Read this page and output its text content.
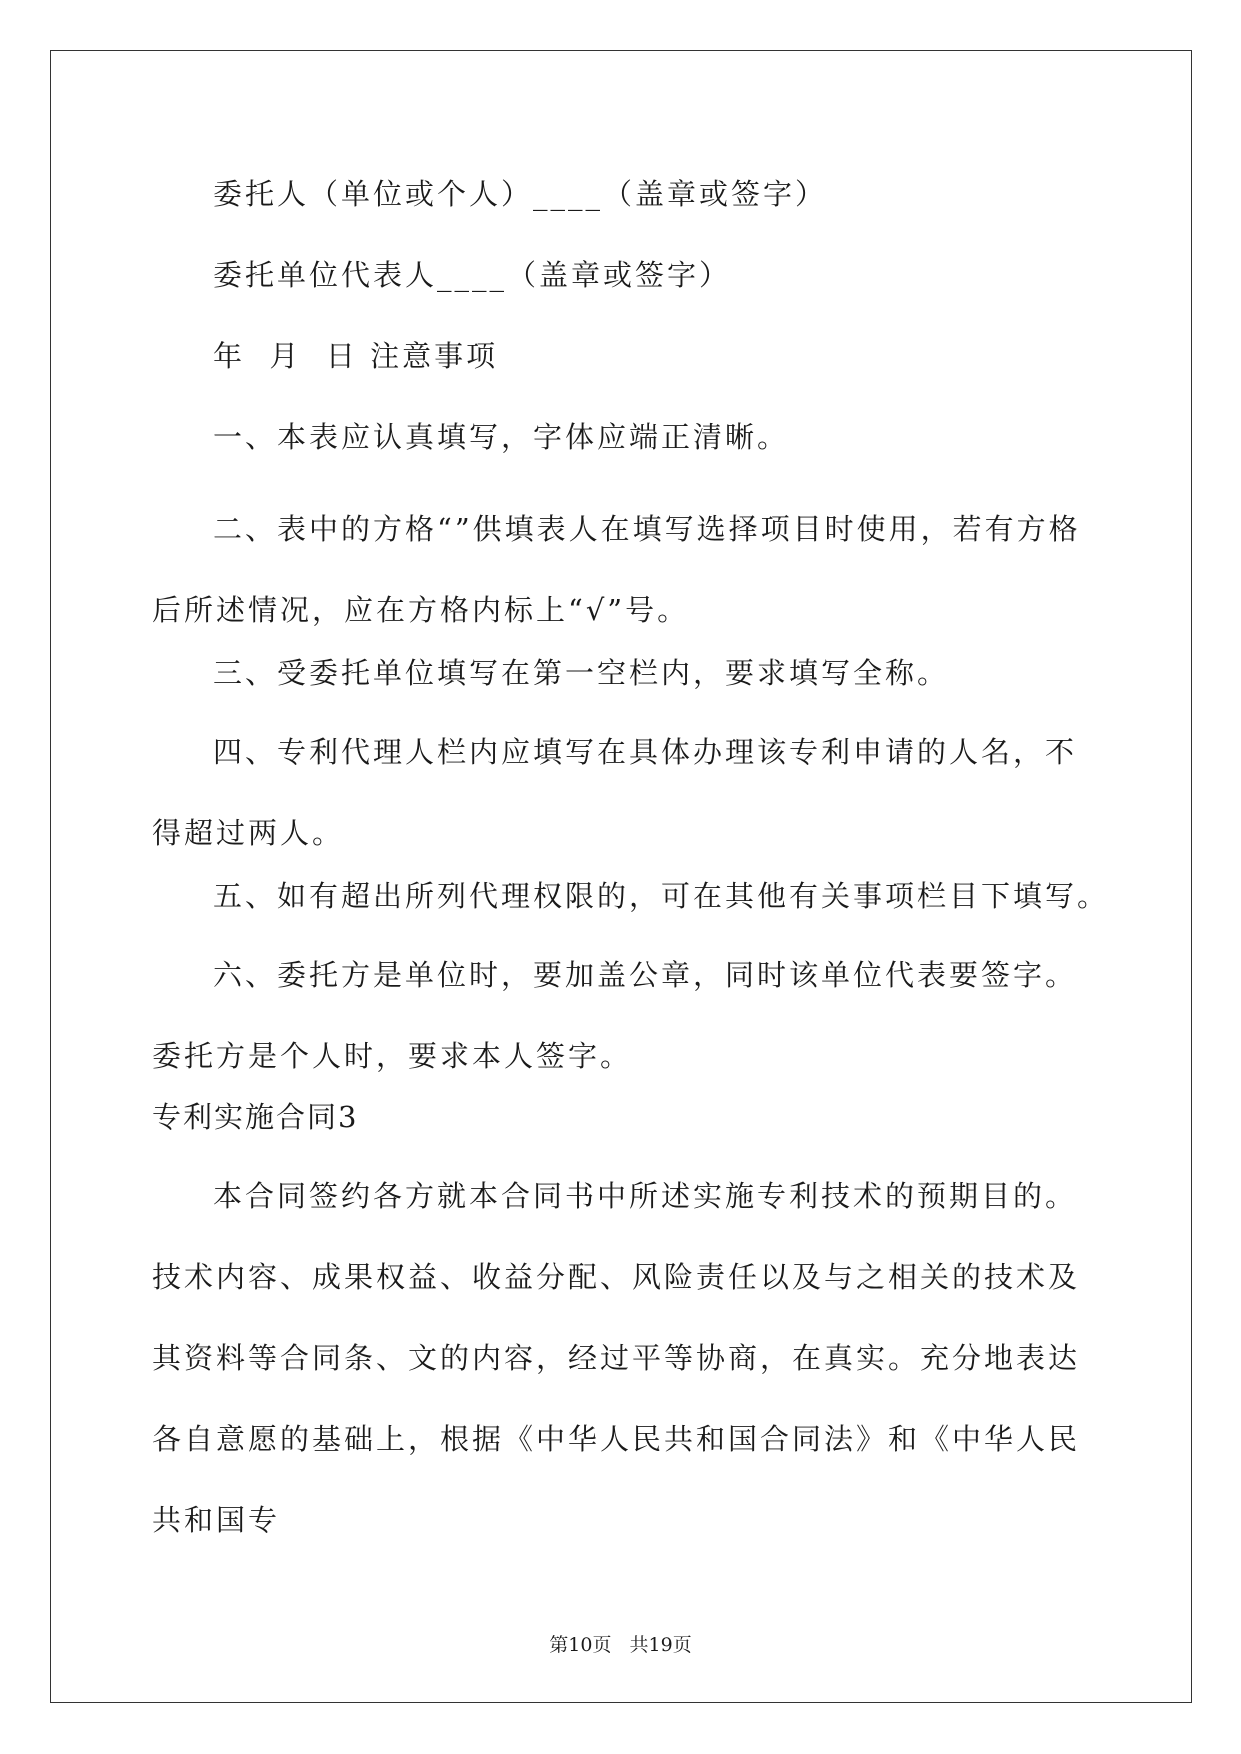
委托人（单位或个人）____（盖章或签字）

委托单位代表人____（盖章或签字）

年  月  日 注意事项

一、本表应认真填写，字体应端正清晰。

二、表中的方格“”供填表人在填写选择项目时使用，若有方格后所述情况，应在方格内标上“√”号。

三、受委托单位填写在第一空栏内，要求填写全称。

四、专利代理人栏内应填写在具体办理该专利申请的人名，不得超过两人。

五、如有超出所列代理权限的，可在其他有关事项栏目下填写。

六、委托方是单位时，要加盖公章，同时该单位代表要签字。委托方是个人时，要求本人签字。

专利实施合同3

本合同签约各方就本合同书中所述实施专利技术的预期目的。技术内容、成果权益、收益分配、风险责任以及与之相关的技术及其资料等合同条、文的内容，经过平等协商，在真实。充分地表达各自意愿的基础上，根据《中华人民共和国合同法》和《中华人民共和国专

第10页 共19页
